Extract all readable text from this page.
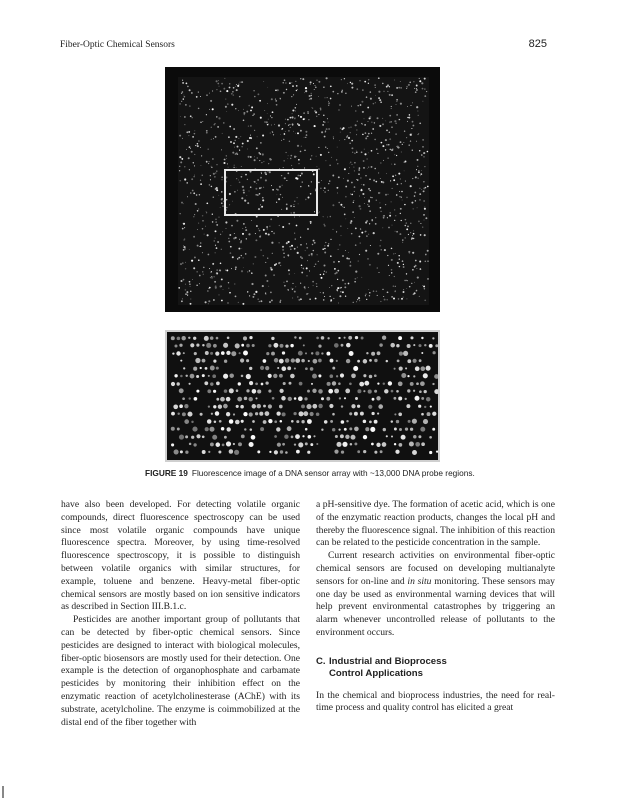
Fiber-Optic Chemical Sensors	825
FIGURE 19 Fluorescence image of a DNA sensor array with ~13,000 DNA probe regions.

have also been developed. For detecting volatile organic compounds, direct fluorescence spectroscopy can be used since most volatile organic compounds have unique fluorescence spectra. Moreover, by using time-resolved fluorescence spectroscopy, it is possible to distinguish between volatile organics with similar structures, for example, toluene and benzene. Heavy-metal fiber-optic chemical sensors are mostly based on ion sensitive indicators as described in Section III.B.1.c.

Pesticides are another important group of pollutants that can be detected by fiber-optic chemical sensors. Since pesticides are designed to interact with biological molecules, fiber-optic biosensors are mostly used for their detection. One example is the detection of organophosphate and carbamate pesticides by monitoring their inhibition effect on the enzymatic reaction of acetylcholinesterase (AChE) with its substrate, acetylcholine. The enzyme is coimmobilized at the distal end of the fiber together with

a pH-sensitive dye. The formation of acetic acid, which is one of the enzymatic reaction products, changes the local pH and thereby the fluorescence signal. The inhibition of this reaction can be related to the pesticide concentration in the sample.

Current research activities on environmental fiber-optic chemical sensors are focused on developing multianalyte sensors for on-line and in situ monitoring. These sensors may one day be used as environmental warning devices that will help prevent environmental catastrophes by triggering an alarm whenever uncontrolled release of pollutants to the environment occurs.

C. Industrial and Bioprocess
Control Applications

In the chemical and bioprocess industries, the need for real-time process and quality control has elicited a great
